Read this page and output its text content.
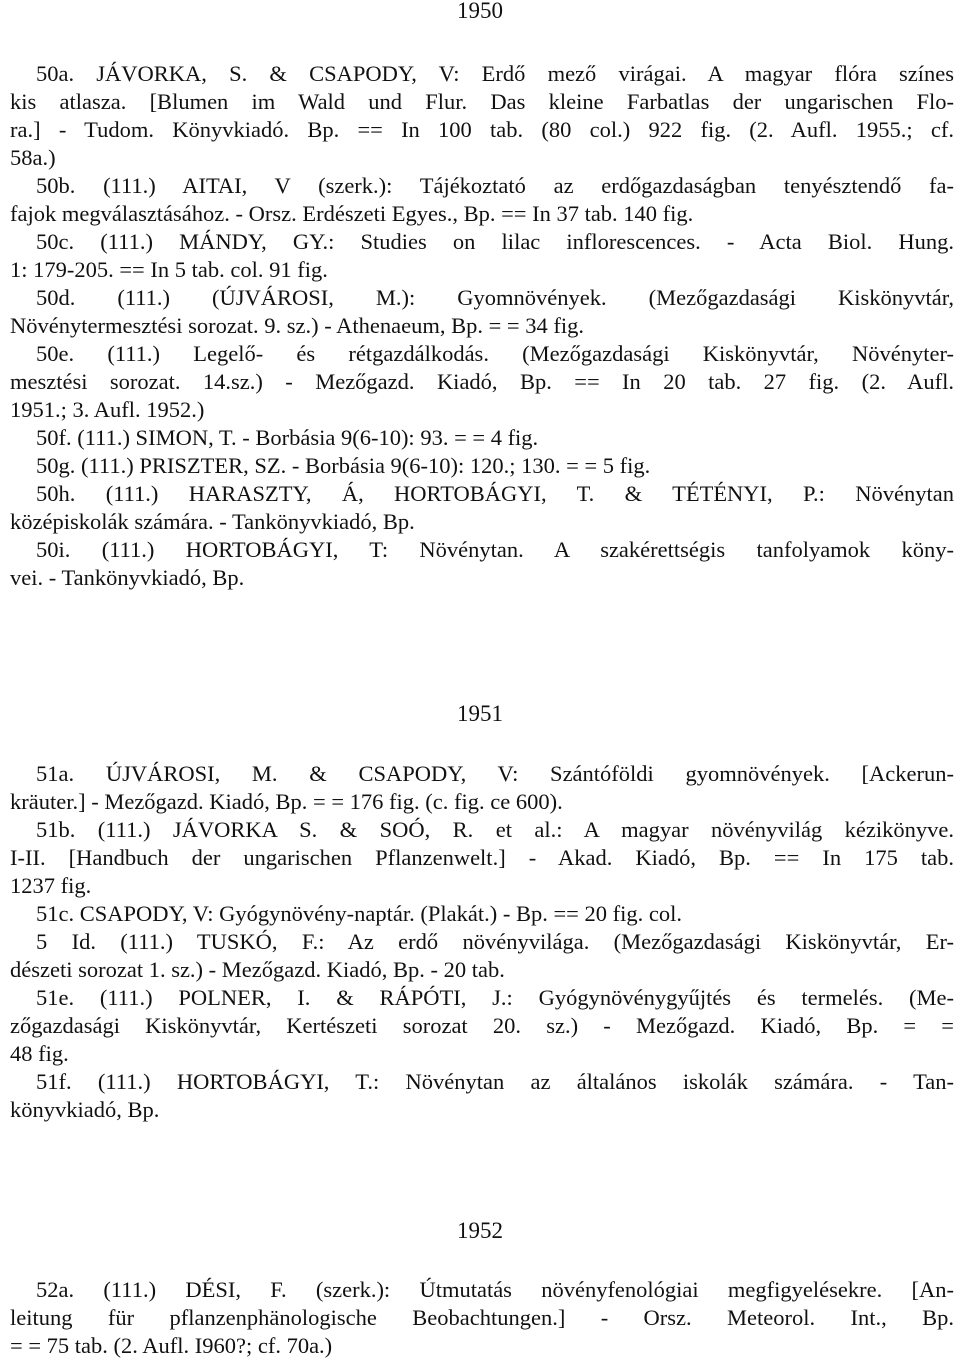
1950
50a. JÁVORKA, S. & CSAPODY, V: Erdő mező virágai. A magyar flóra színes
kis atlasza. [Blumen im Wald und Flur. Das kleine Farbatlas der ungarischen Flo-
ra.] - Tudom. Könyvkiadó. Bp. == In 100 tab. (80 col.) 922 fig. (2. Aufl. 1955.; cf.
58a.)
50b. (111.) AITAI, V (szerk.): Tájékoztató az erdőgazdaságban tenyésztendő fa-
fajok megválasztásához. - Orsz. Erdészeti Egyes., Bp. == In 37 tab. 140 fig.
50c. (111.) MÁNDY, GY.: Studies on lilac inflorescences. - Acta Biol. Hung.
1: 179-205. == In 5 tab. col. 91 fig.
50d. (111.) (ÚJVÁROSI, M.): Gyomnövények. (Mezőgazdasági Kiskönyvtár,
Növénytermesztési sorozat. 9. sz.) - Athenaeum, Bp. = = 34 fig.
50e. (111.) Legelő- és rétgazdálkodás. (Mezőgazdasági Kiskönyvtár, Növényter-
mesztési sorozat. 14.sz.) - Mezőgazd. Kiadó, Bp. == In 20 tab. 27 fig. (2. Aufl.
1951.; 3. Aufl. 1952.)
50f. (111.) SIMON, T. - Borbásia 9(6-10): 93. = = 4 fig.
50g. (111.) PRISZTER, SZ. - Borbásia 9(6-10): 120.; 130. = = 5 fig.
50h. (111.) HARASZTY, Á, HORTOBÁGYI, T. & TÉTÉNYI, P.: Növénytan
középiskolák számára. - Tankönyvkiadó, Bp.
50i. (111.) HORTOBÁGYI, T: Növénytan. A szakérettségis tanfolyamok köny-
vei. - Tankönyvkiadó, Bp.
1951
51a. ÚJVÁROSI, M. & CSAPODY, V: Szántóföldi gyomnövények. [Ackerun-
kräuter.] - Mezőgazd. Kiadó, Bp. = = 176 fig. (c. fig. ce 600).
51b. (111.) JÁVORKA S. & SOÓ, R. et al.: A magyar növényvilág kézikönyve.
I-II. [Handbuch der ungarischen Pflanzenwelt.] - Akad. Kiadó, Bp. == In 175 tab.
1237 fig.
51c. CSAPODY, V: Gyógynövény-naptár. (Plakát.) - Bp. == 20 fig. col.
5 Id. (111.) TUSKÓ, F.: Az erdő növényvilága. (Mezőgazdasági Kiskönyvtár, Er-
dészeti sorozat 1. sz.) - Mezőgazd. Kiadó, Bp. - 20 tab.
51e. (111.) POLNER, I. & RÁPÓTI, J.: Gyógynövénygyűjtés és termelés. (Me-
zőgazdasági Kiskönyvtár, Kertészeti sorozat 20. sz.) - Mezőgazd. Kiadó, Bp. = =
48 fig.
51f. (111.) HORTOBÁGYI, T.: Növénytan az általános iskolák számára. - Tan-
könyvkiadó, Bp.
1952
52a. (111.) DÉSI, F. (szerk.): Útmutatás növényfenológiai megfigyelésekre. [An-
leitung für pflanzenphänologische Beobachtungen.] - Orsz. Meteorol. Int., Bp.
= = 75 tab. (2. Aufl. I960?; cf. 70a.)
